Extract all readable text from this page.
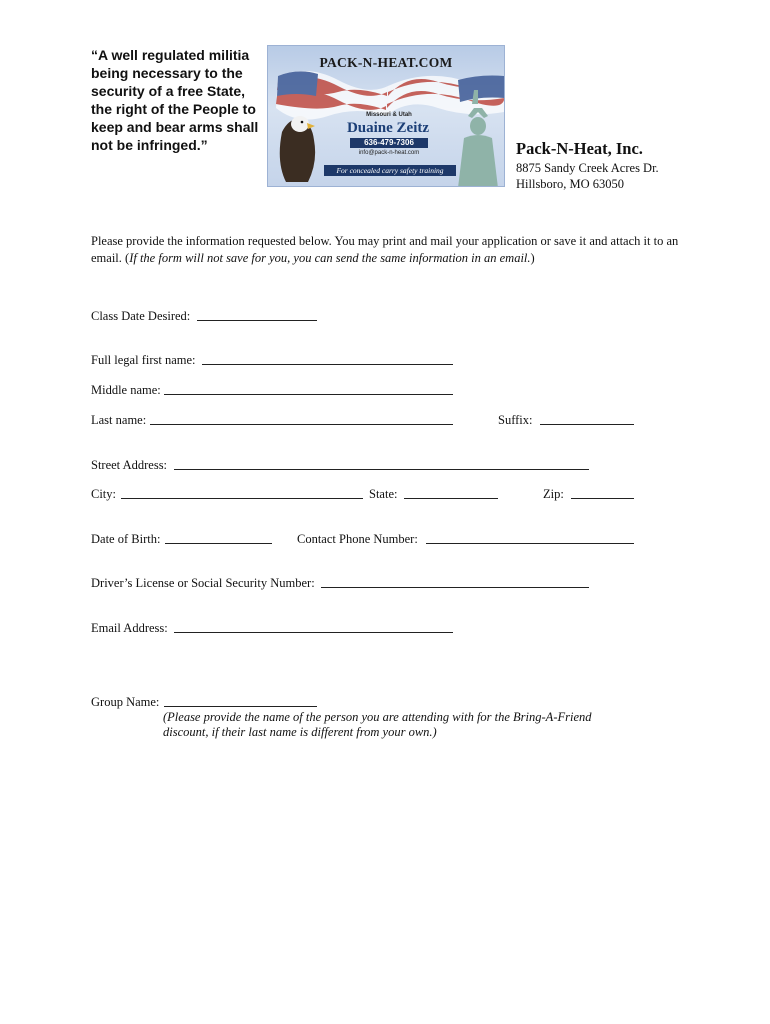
“A well regulated militia being necessary to the security of a free State, the right of the People to keep and bear arms shall not be infringed.”

PACK-N-HEAT.COM
Missouri & Utah
Duaine Zeitz
636-479-7306
info@pack-n-heat.com
For concealed carry safety training
Pack-N-Heat, Inc.
8875 Sandy Creek Acres Dr.
Hillsboro, MO 63050

Please provide the information requested below. You may print and mail your application or save it and attach it to an email. (If the form will not save for you, you can send the same information in an email.)

Class Date Desired:
Full legal first name:
Middle name:
Last name:	Suffix:
Street Address:
City:	State:	Zip:
Date of Birth:	Contact Phone Number:
Driver’s License or Social Security Number:
Email Address:
Group Name:

(Please provide the name of the person you are attending with for the Bring-A-Friend discount, if their last name is different from your own.)
